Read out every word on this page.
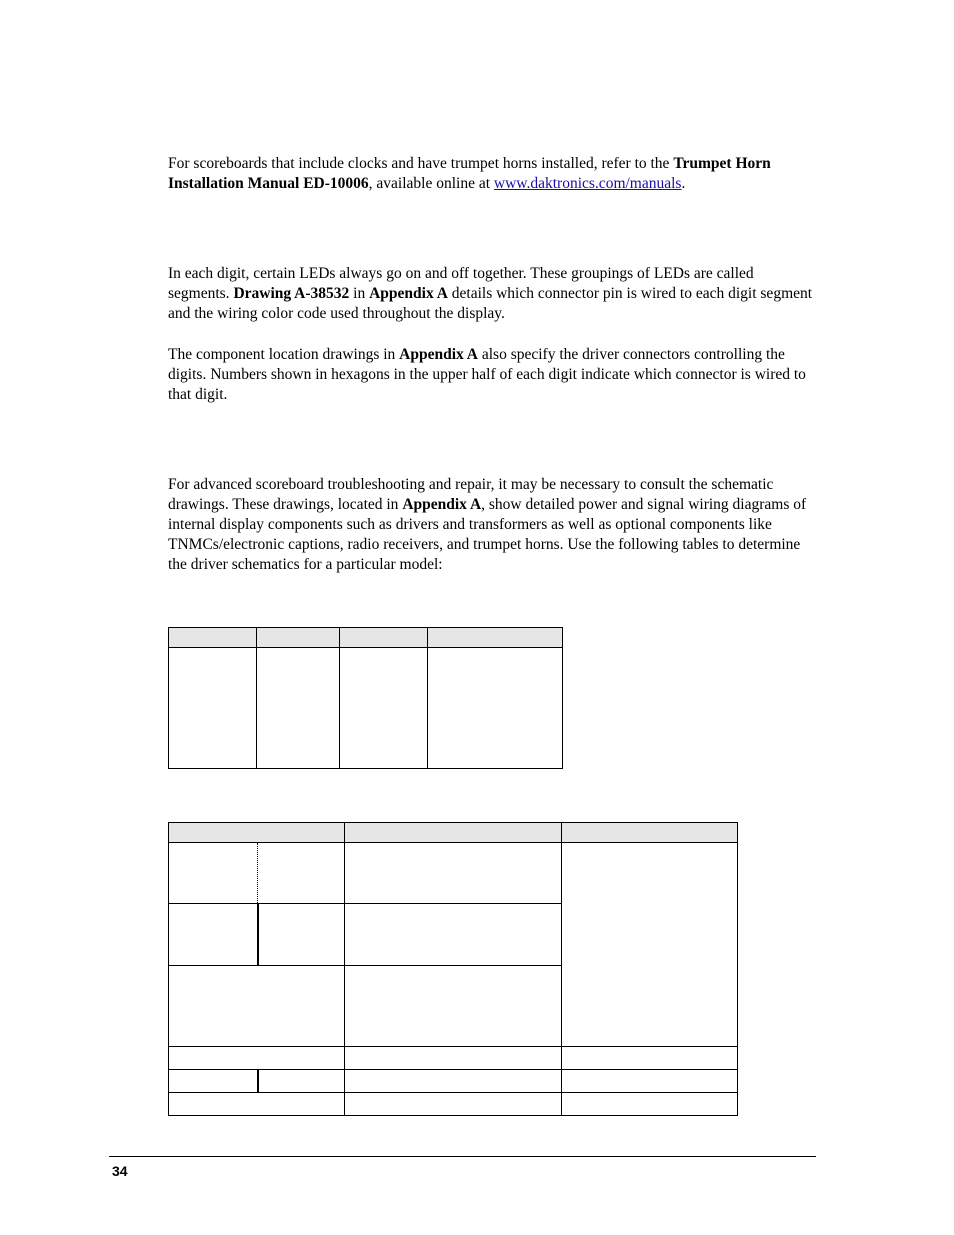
For scoreboards that include clocks and have trumpet horns installed, refer to the Trumpet Horn Installation Manual ED-10006, available online at www.daktronics.com/manuals.

In each digit, certain LEDs always go on and off together. These groupings of LEDs are called segments. Drawing A-38532 in Appendix A details which connector pin is wired to each digit segment and the wiring color code used throughout the display.

The component location drawings in Appendix A also specify the driver connectors controlling the digits. Numbers shown in hexagons in the upper half of each digit indicate which connector is wired to that digit.

For advanced scoreboard troubleshooting and repair, it may be necessary to consult the schematic drawings. These drawings, located in Appendix A, show detailed power and signal wiring diagrams of internal display components such as drivers and transformers as well as optional components like TNMCs/electronic captions, radio receivers, and trumpet horns. Use the following tables to determine the driver schematics for a particular model:

34
